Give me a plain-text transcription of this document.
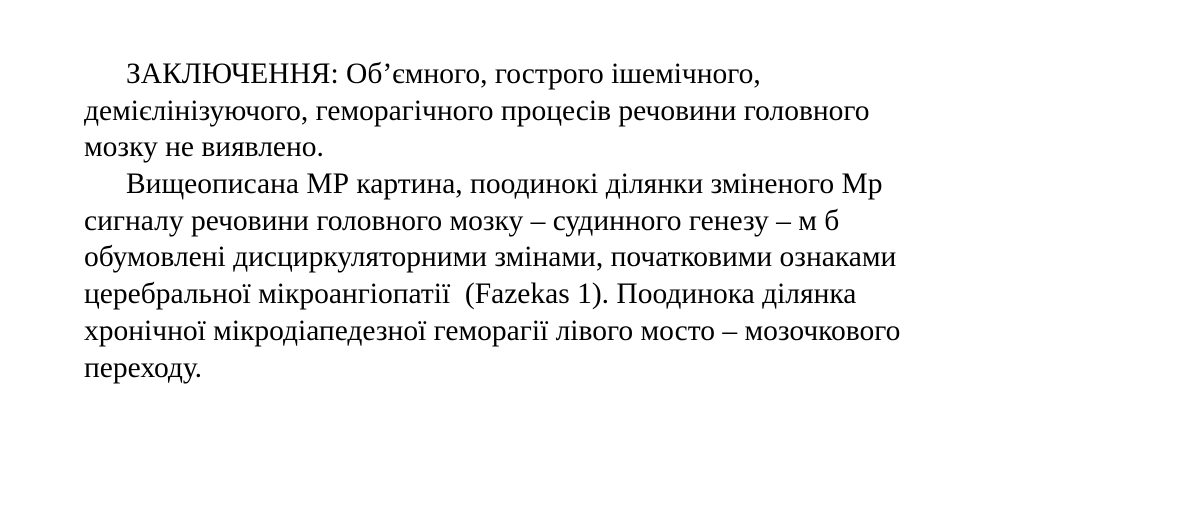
ЗАКЛЮЧЕННЯ: Об’ємного, гострого ішемічного,
демієлінізуючого, геморагічного процесів речовини головного
мозку не виявлено.
Вищеописана МР картина, поодинокі ділянки зміненого Мр
сигналу речовини головного мозку – судинного генезу – м б
обумовлені дисциркуляторними змінами, початковими ознаками
церебральної мікроангіопатії  (Fazekas 1). Поодинока ділянка
хронічної мікродіапедезної геморагії лівого мосто – мозочкового
переходу.
